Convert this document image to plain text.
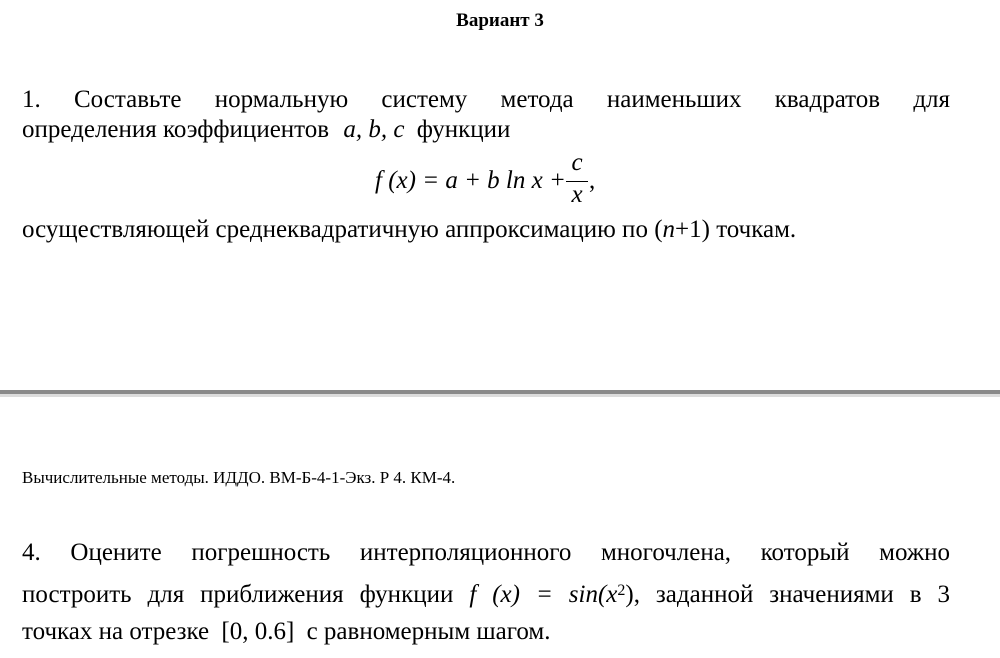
Вариант 3
1. Составьте нормальную систему метода наименьших квадратов для
определения коэффициентов a, b, c функции
f (x) = a + b ln x +
c
x
,
осуществляющей среднеквадратичную аппроксимацию по (n+1) точкам.
Вычислительные методы. ИДДО. ВМ-Б-4-1-Экз. Р 4. КМ-4.
4. Оцените погрешность интерполяционного многочлена, который можно
построить для приближения функции f $(x) = \sin(x^2)$, заданной значениями в 3
точках на отрезке [0, 0.6] с равномерным шагом.
